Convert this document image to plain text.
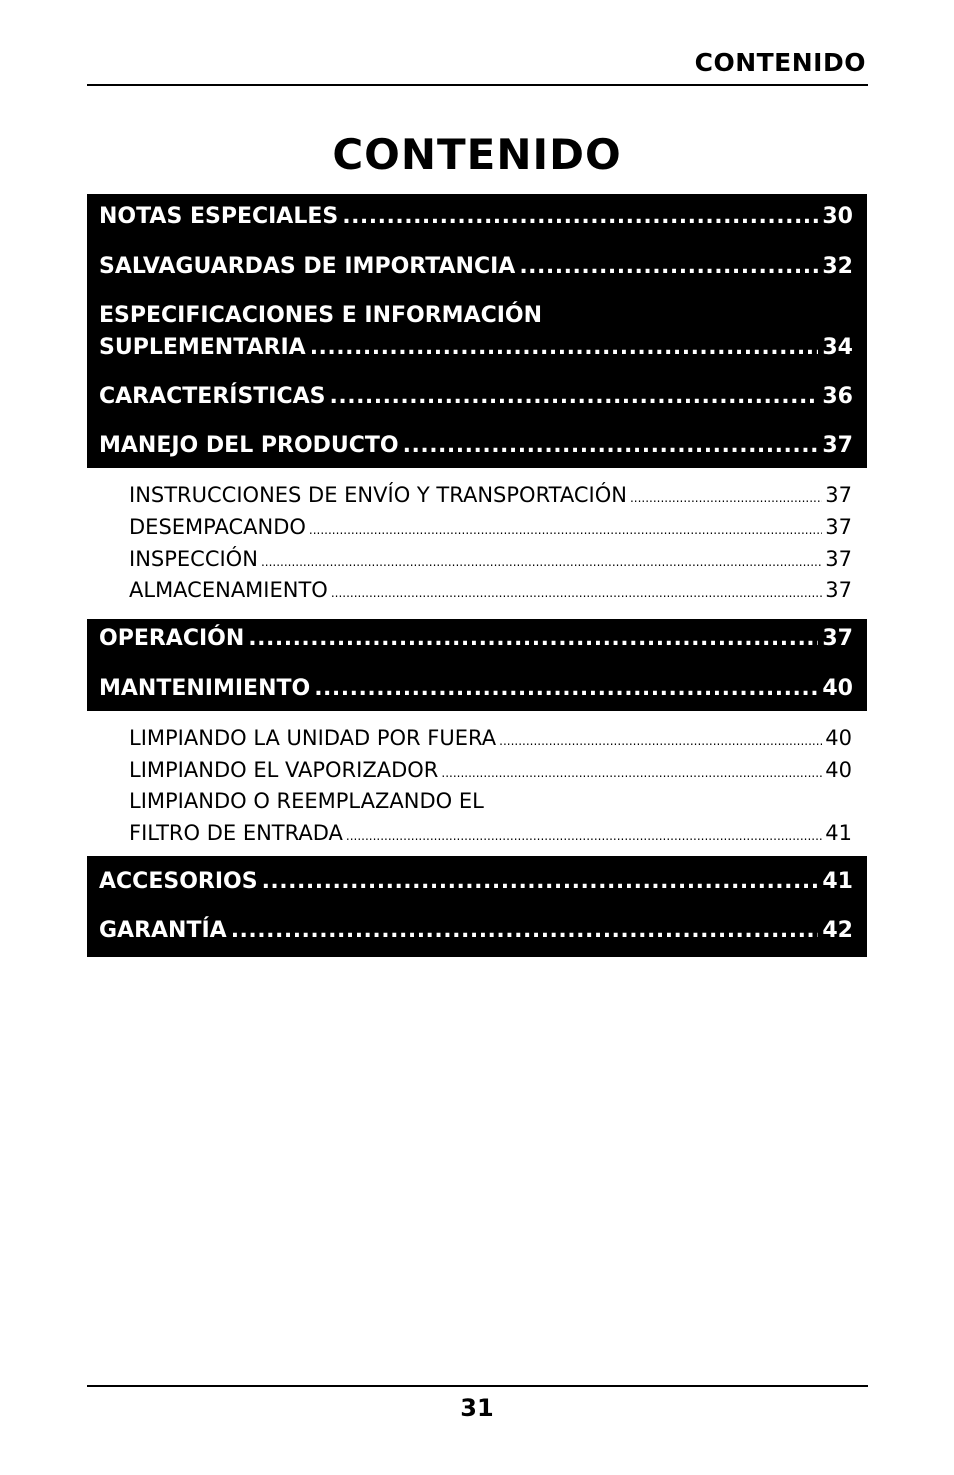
CONTENIDO
CONTENIDO
NOTAS ESPECIALES .....	30
SALVAGUARDAS DE IMPORTANCIA .....	32
ESPECIFICACIONES E INFORMACIÓN
SUPLEMENTARIA .....	34
CARACTERÍSTICAS .....	36
MANEJO DEL PRODUCTO .....	37
INSTRUCCIONES DE ENVÍO Y TRANSPORTACIÓN .....	37
DESEMPACANDO .....	37
INSPECCIÓN .....	37
ALMACENAMIENTO .....	37
OPERACIÓN .....	37
MANTENIMIENTO .....	40
LIMPIANDO LA UNIDAD POR FUERA .....	40
LIMPIANDO EL VAPORIZADOR .....	40
LIMPIANDO O REEMPLAZANDO EL
FILTRO DE ENTRADA .....	41
ACCESORIOS .....	41
GARANTÍA .....	42
31
